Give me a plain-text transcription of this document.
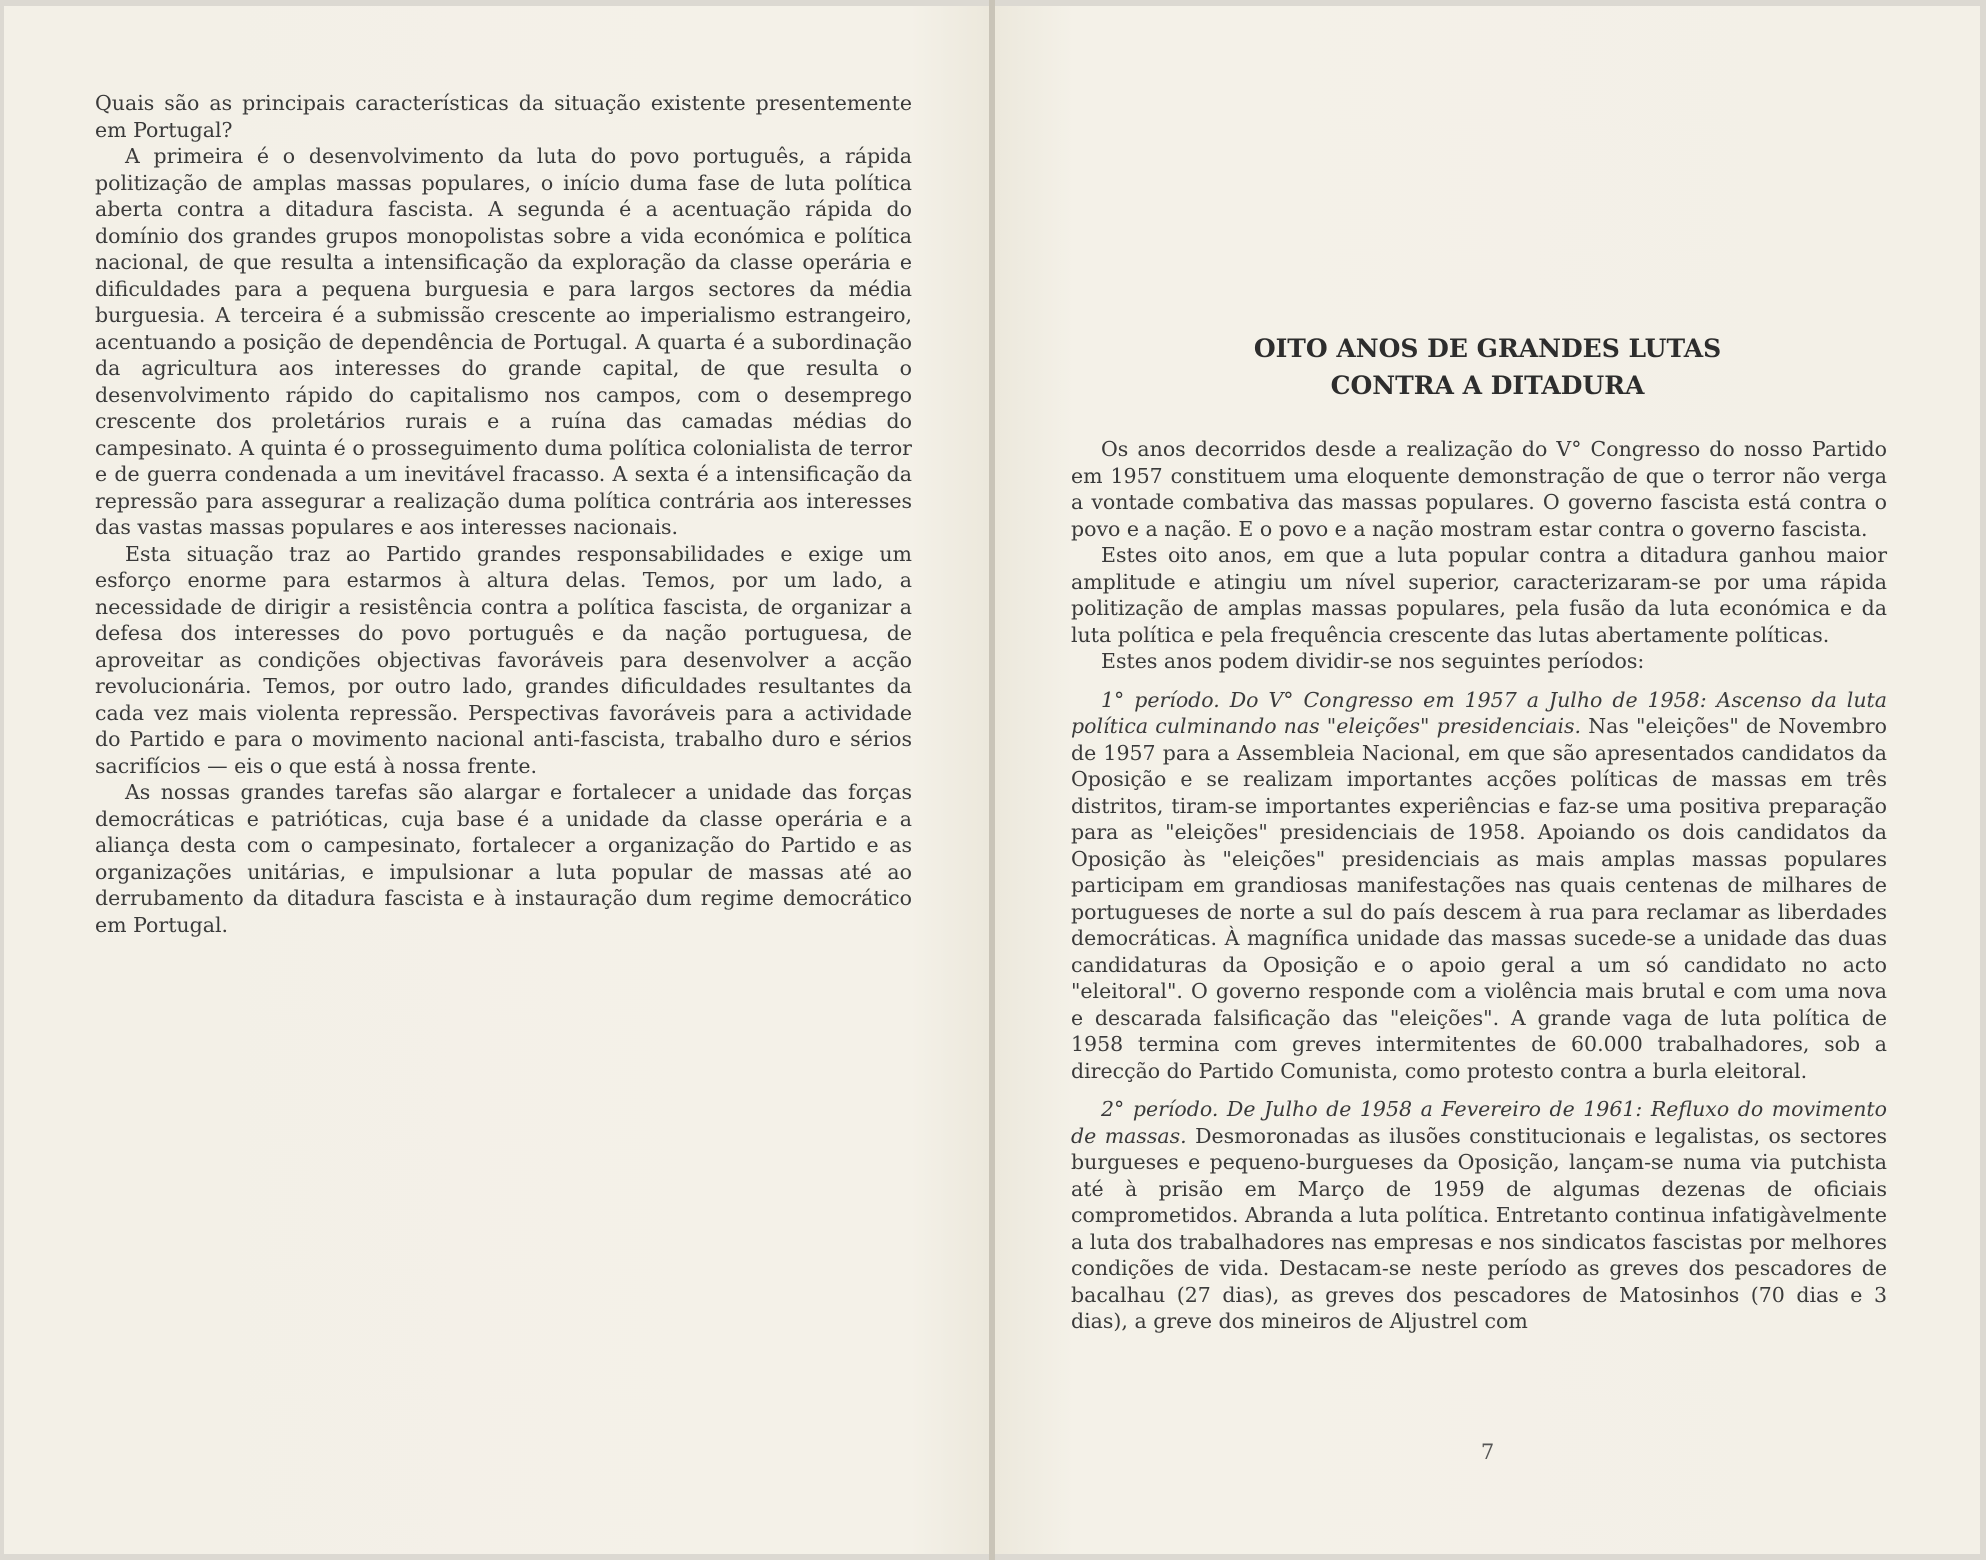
Quais são as principais características da situação existente presentemente em Portugal?

A primeira é o desenvolvimento da luta do povo português, a rápida politização de amplas massas populares, o início duma fase de luta política aberta contra a ditadura fascista. A segunda é a acentuação rápida do domínio dos grandes grupos monopolistas sobre a vida económica e política nacional, de que resulta a intensificação da exploração da classe operária e dificuldades para a pequena burguesia e para largos sectores da média burguesia. A terceira é a submissão crescente ao imperialismo estrangeiro, acentuando a posição de dependência de Portugal. A quarta é a subordinação da agricultura aos interesses do grande capital, de que resulta o desenvolvimento rápido do capitalismo nos campos, com o desemprego crescente dos proletários rurais e a ruína das camadas médias do campesinato. A quinta é o prosseguimento duma política colonialista de terror e de guerra condenada a um inevitável fracasso. A sexta é a intensificação da repressão para assegurar a realização duma política contrária aos interesses das vastas massas populares e aos interesses nacionais.

Esta situação traz ao Partido grandes responsabilidades e exige um esforço enorme para estarmos à altura delas. Temos, por um lado, a necessidade de dirigir a resistência contra a política fascista, de organizar a defesa dos interesses do povo português e da nação portuguesa, de aproveitar as condições objectivas favoráveis para desenvolver a acção revolucionária. Temos, por outro lado, grandes dificuldades resultantes da cada vez mais violenta repressão. Perspectivas favoráveis para a actividade do Partido e para o movimento nacional anti-fascista, trabalho duro e sérios sacrifícios — eis o que está à nossa frente.

As nossas grandes tarefas são alargar e fortalecer a unidade das forças democráticas e patrióticas, cuja base é a unidade da classe operária e a aliança desta com o campesinato, fortalecer a organização do Partido e as organizações unitárias, e impulsionar a luta popular de massas até ao derrubamento da ditadura fascista e à instauração dum regime democrático em Portugal.

OITO ANOS DE GRANDES LUTAS
CONTRA A DITADURA

Os anos decorridos desde a realização do V° Congresso do nosso Partido em 1957 constituem uma eloquente demonstração de que o terror não verga a vontade combativa das massas populares. O governo fascista está contra o povo e a nação. E o povo e a nação mostram estar contra o governo fascista.

Estes oito anos, em que a luta popular contra a ditadura ganhou maior amplitude e atingiu um nível superior, caracterizaram-se por uma rápida politização de amplas massas populares, pela fusão da luta económica e da luta política e pela frequência crescente das lutas abertamente políticas.

Estes anos podem dividir-se nos seguintes períodos:

1° período. Do V° Congresso em 1957 a Julho de 1958: Ascenso da luta política culminando nas "eleições" presidenciais. Nas "eleições" de Novembro de 1957 para a Assembleia Nacional, em que são apresentados candidatos da Oposição e se realizam importantes acções políticas de massas em três distritos, tiram-se importantes experiências e faz-se uma positiva preparação para as "eleições" presidenciais de 1958. Apoiando os dois candidatos da Oposição às "eleições" presidenciais as mais amplas massas populares participam em grandiosas manifestações nas quais centenas de milhares de portugueses de norte a sul do país descem à rua para reclamar as liberdades democráticas. À magnífica unidade das massas sucede-se a unidade das duas candidaturas da Oposição e o apoio geral a um só candidato no acto "eleitoral". O governo responde com a violência mais brutal e com uma nova e descarada falsificação das "eleições". A grande vaga de luta política de 1958 termina com greves intermitentes de 60.000 trabalhadores, sob a direcção do Partido Comunista, como protesto contra a burla eleitoral.

2° período. De Julho de 1958 a Fevereiro de 1961: Refluxo do movimento de massas. Desmoronadas as ilusões constitucionais e legalistas, os sectores burgueses e pequeno-burgueses da Oposição, lançam-se numa via putchista até à prisão em Março de 1959 de algumas dezenas de oficiais comprometidos. Abranda a luta política. Entretanto continua infatigàvelmente a luta dos trabalhadores nas empresas e nos sindicatos fascistas por melhores condições de vida. Destacam-se neste período as greves dos pescadores de bacalhau (27 dias), as greves dos pescadores de Matosinhos (70 dias e 3 dias), a greve dos mineiros de Aljustrel com

7
